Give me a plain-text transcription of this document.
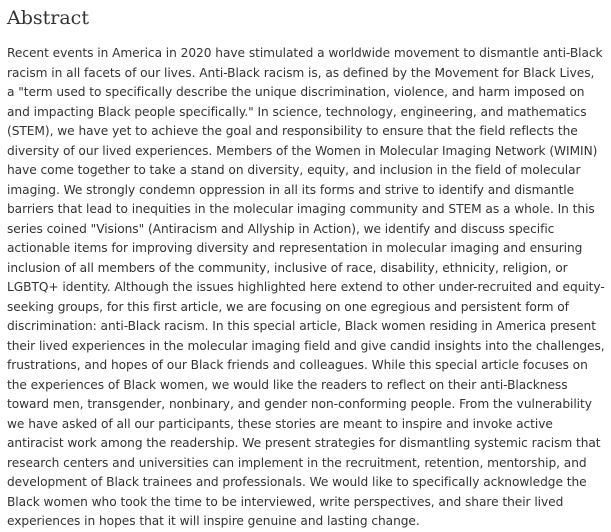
Abstract

Recent events in America in 2020 have stimulated a worldwide movement to dismantle anti-Black racism in all facets of our lives. Anti-Black racism is, as defined by the Movement for Black Lives, a "term used to specifically describe the unique discrimination, violence, and harm imposed on and impacting Black people specifically." In science, technology, engineering, and mathematics (STEM), we have yet to achieve the goal and responsibility to ensure that the field reflects the diversity of our lived experiences. Members of the Women in Molecular Imaging Network (WIMIN) have come together to take a stand on diversity, equity, and inclusion in the field of molecular imaging. We strongly condemn oppression in all its forms and strive to identify and dismantle barriers that lead to inequities in the molecular imaging community and STEM as a whole. In this series coined "Visions" (Antiracism and Allyship in Action), we identify and discuss specific actionable items for improving diversity and representation in molecular imaging and ensuring inclusion of all members of the community, inclusive of race, disability, ethnicity, religion, or LGBTQ+ identity. Although the issues highlighted here extend to other under-recruited and equity-seeking groups, for this first article, we are focusing on one egregious and persistent form of discrimination: anti-Black racism. In this special article, Black women residing in America present their lived experiences in the molecular imaging field and give candid insights into the challenges, frustrations, and hopes of our Black friends and colleagues. While this special article focuses on the experiences of Black women, we would like the readers to reflect on their anti-Blackness toward men, transgender, nonbinary, and gender non-conforming people. From the vulnerability we have asked of all our participants, these stories are meant to inspire and invoke active antiracist work among the readership. We present strategies for dismantling systemic racism that research centers and universities can implement in the recruitment, retention, mentorship, and development of Black trainees and professionals. We would like to specifically acknowledge the Black women who took the time to be interviewed, write perspectives, and share their lived experiences in hopes that it will inspire genuine and lasting change.
